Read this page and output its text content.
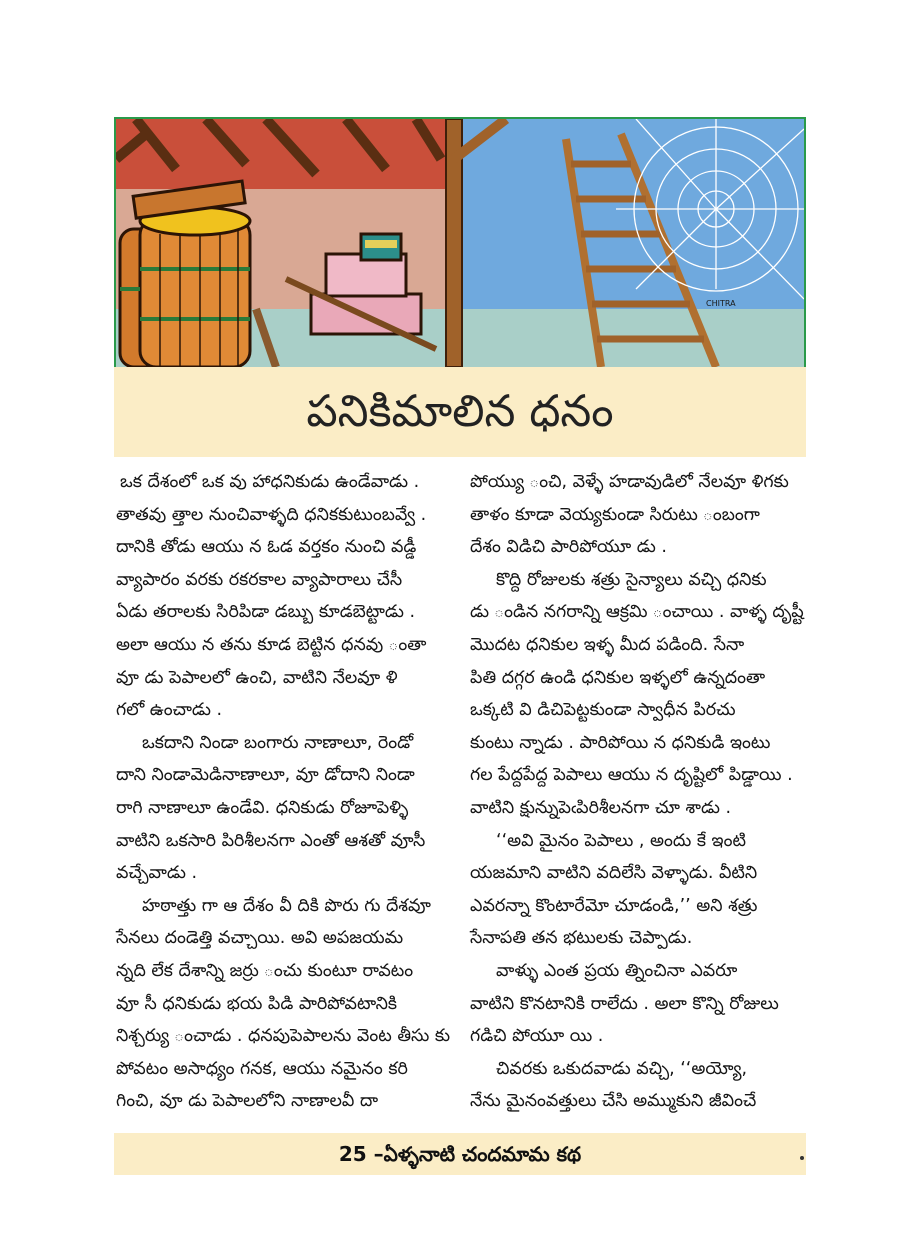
CHITRA
పనికిమాలిన ధనం
ఒక దేశంలో ఒక వు హాధనికుడు ఉండేవాడు .
తాతవు త్తాల నుంచివాళ్ళది ధనికకుటుంబవ్వే .
దానికి తోడు ఆయు న ఓడ వర్తకం నుంచి వడ్డీ
వ్యాపారం వరకు రకరకాల వ్యాపారాలు చేసీ
ఏడు తరాలకు సిరిపిడా డబ్బు కూడబెట్టాడు .
అలా ఆయు న తను కూడ బెట్టిన ధనవు ంతా
వూ డు పెపాలలో ఉంచి, వాటిని నేలవూ ళి
గలో ఉంచాడు .
ఒకదాని నిండా బంగారు నాణాలూ, రెండో
దాని నిండామెడినాణాలూ, వూ డోదాని నిండా
రాగి నాణాలూ ఉండేవి. ధనికుడు రోజూపెళ్ళి
వాటిని ఒకసారి పిరిశీలనగా ఎంతో ఆశతో వూసీ
వచ్చేవాడు .
హఠాత్తు గా ఆ దేశం వీ దికి పొరు గు దేశవూ
సేనలు దండెత్తి వచ్చాయి. అవి అపజయమ
న్నది లేక దేశాన్ని జర్రు ంచు కుంటూ రావటం
వూ సీ ధనికుడు భయ పిడి పారిపోవటానికి
నిశ్చర్యు ంచాడు . ధనపుపెపాలను వెంట తీసు కు
పోవటం అసాధ్యం గనక, ఆయు నమైనం కరి
గించి, వూ డు పెపాలలోని నాణాలవీ దా
పోయ్యు ంచి, వెళ్ళే హడావుడిలో నేలవూ ళిగకు
తాళం కూడా వెయ్యకుండా సిరుటు ంబంగా
దేశం విడిచి పారిపోయూ డు .
కొద్ది రోజులకు శత్రు సైన్యాలు వచ్చి ధనికు
డు ండిన నగరాన్ని ఆక్రమి ంచాయి . వాళ్ళ దృష్టీ
మొదట ధనికుల ఇళ్ళ మీద పడింది. సేనా
పితి దగ్గర ఉండి ధనికుల ఇళ్ళలో ఉన్నదంతా
ఒక్కటి వి డిచిపెట్టకుండా స్వాధీన పిరచు
కుంటు న్నాడు . పారిపోయి న ధనికుడి ఇంటు
గల పేద్దపేద్ద పెపాలు ఆయు న దృష్టిలో పిడ్డాయి .
వాటిని క్షున్నుపెఁపిరిశీలనగా చూ శాడు .
‘‘అవి మైనం పెపాలు , అందు కే ఇంటి
యజమాని వాటిని వదిలేసి వెళ్ళాడు. వీటిని
ఎవరన్నా కొంటారేమో చూడండి,’’ అని శత్రు
సేనాపతి తన భటులకు చెప్పాడు.
వాళ్ళు ఎంత ప్రయ త్నించినా ఎవరూ
వాటిని కొనటానికి రాలేదు . అలా కొన్ని రోజులు
గడిచి పోయూ యి .
చివరకు ఒకుదవాడు వచ్చి, ‘‘అయ్యో,
నేను మైనంవత్తులు చేసి అమ్ముకుని జీవించే
25 –ఏళ్ళనాటి చందమామ కథ
